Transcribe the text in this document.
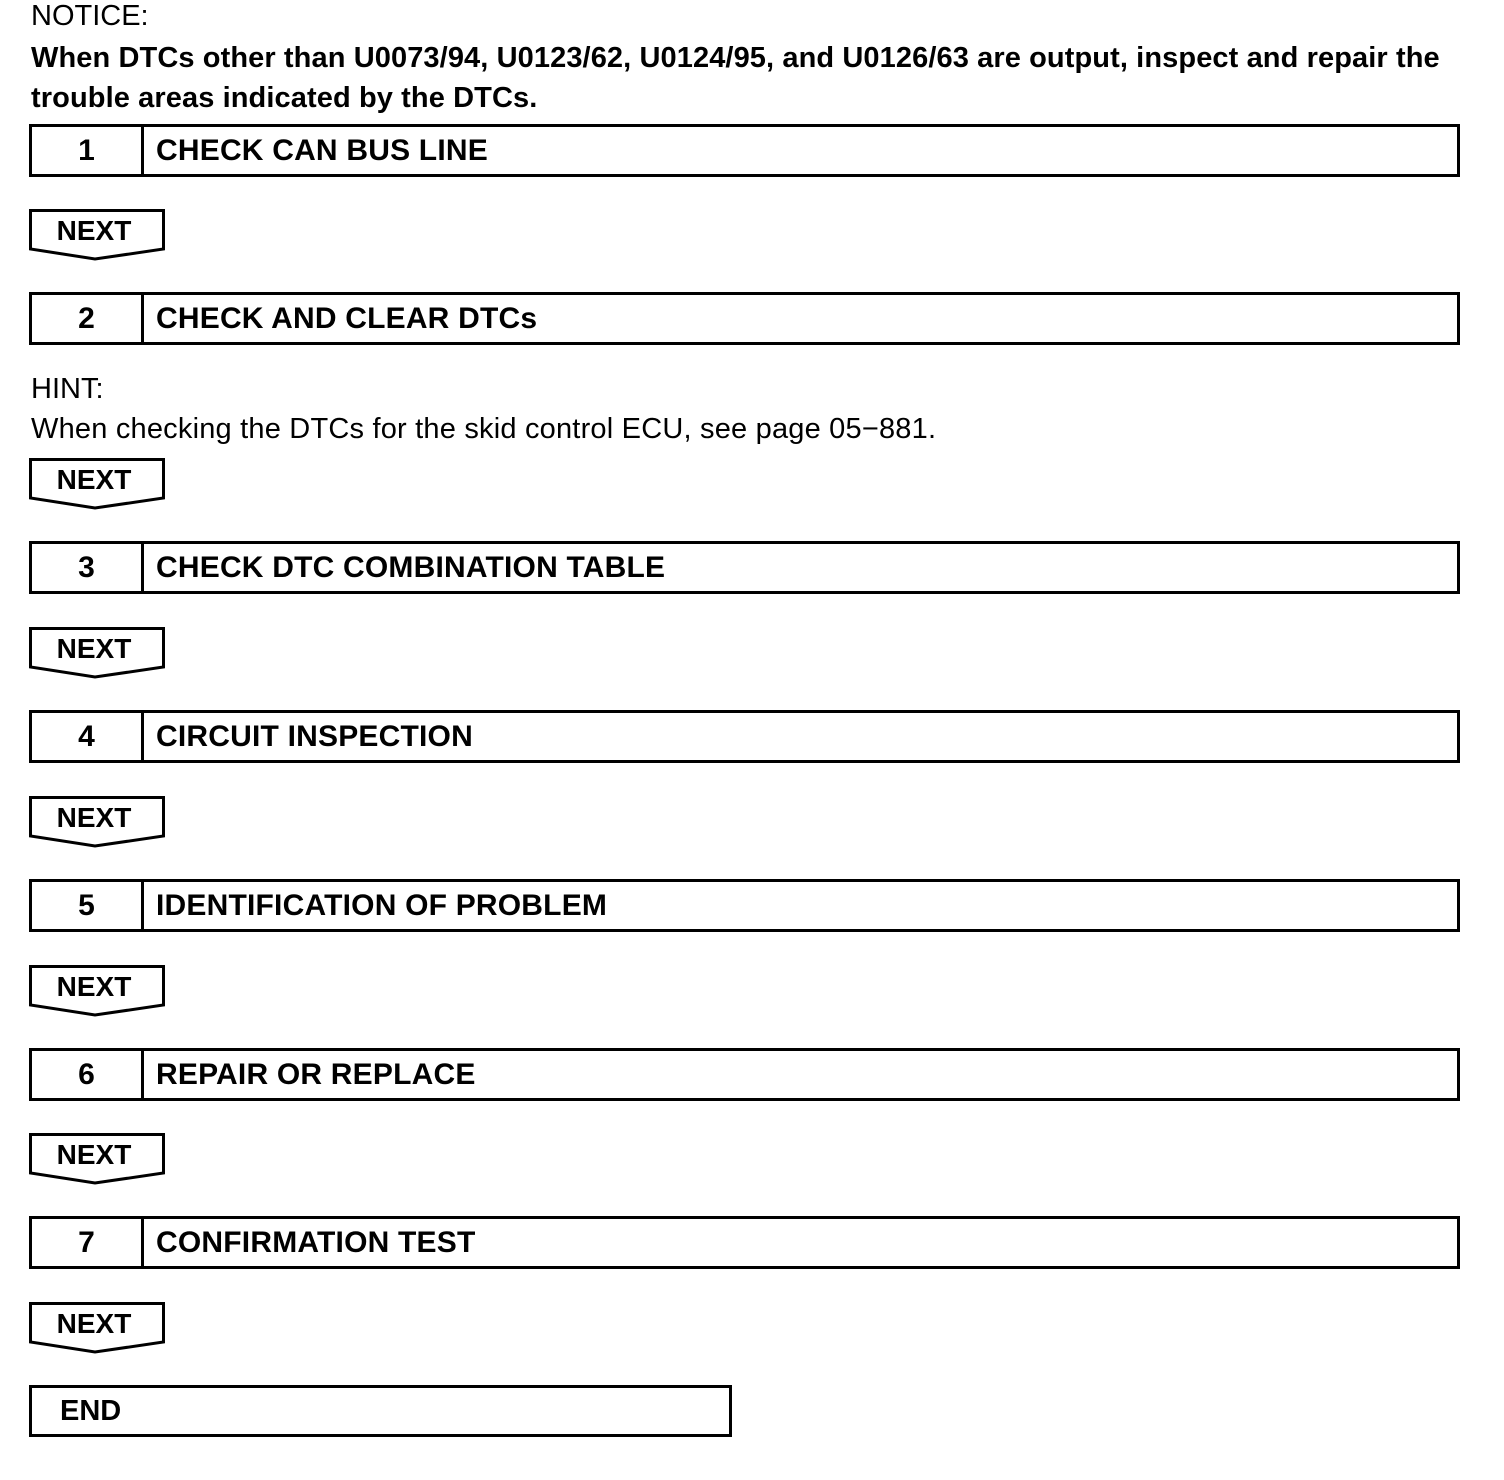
NOTICE:
When DTCs other than U0073/94, U0123/62, U0124/95, and U0126/63 are output, inspect and repair the trouble areas indicated by the DTCs.
1	CHECK CAN BUS LINE
NEXT
2	CHECK AND CLEAR DTCs
HINT:
When checking the DTCs for the skid control ECU, see page 05−881.
NEXT
3	CHECK DTC COMBINATION TABLE
NEXT
4	CIRCUIT INSPECTION
NEXT
5	IDENTIFICATION OF PROBLEM
NEXT
6	REPAIR OR REPLACE
NEXT
7	CONFIRMATION TEST
NEXT
END
